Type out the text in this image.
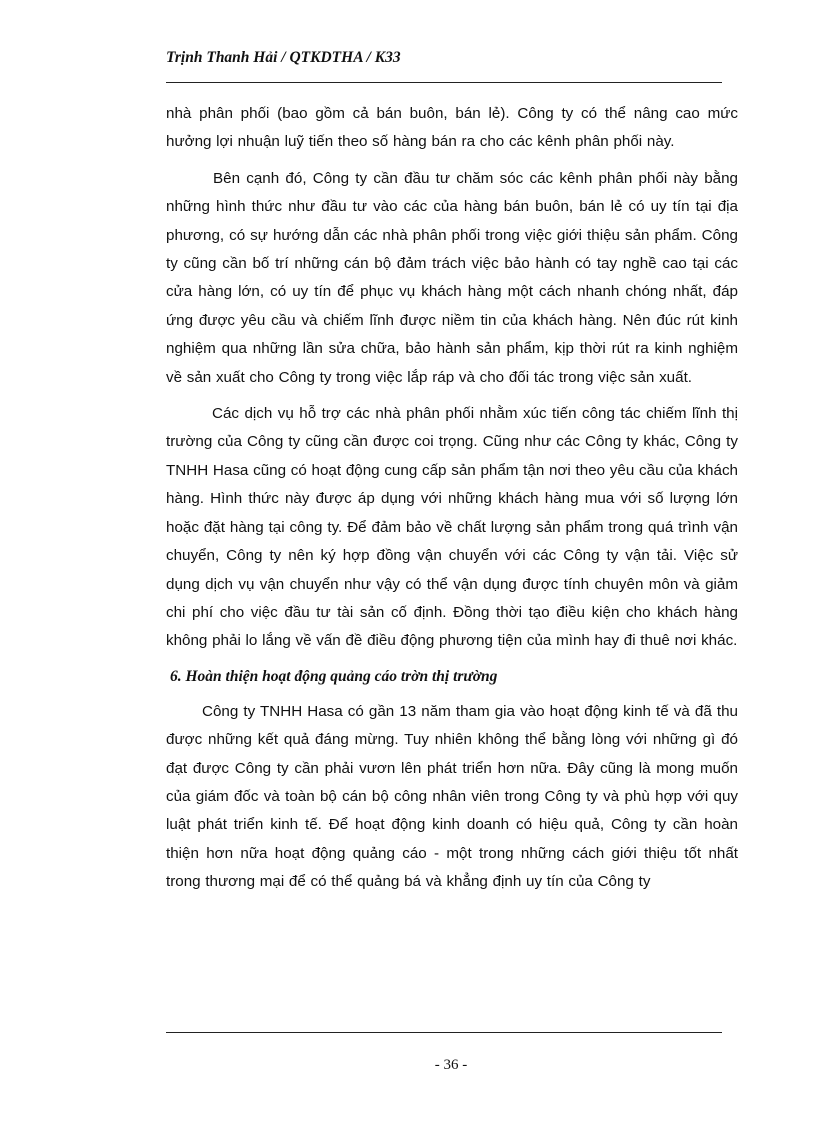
Trịnh Thanh Hải / QTKDTHA / K33

nhà phân phối (bao gồm cả bán buôn, bán lẻ). Công ty có thể nâng cao mức hưởng lợi nhuận luỹ tiến theo số hàng bán ra cho các kênh phân phối này.

Bên cạnh đó, Công ty cần đầu tư chăm sóc các kênh phân phối này bằng những hình thức như đầu tư vào các của hàng bán buôn, bán lẻ có uy tín tại địa phương, có sự hướng dẫn các nhà phân phối trong việc giới thiệu sản phẩm. Công ty cũng cần bố trí những cán bộ đảm trách việc bảo hành có tay nghề cao tại các cửa hàng lớn, có uy tín để phục vụ khách hàng một cách nhanh chóng nhất, đáp ứng được yêu cầu và chiếm lĩnh được niềm tin của khách hàng. Nên đúc rút kinh nghiệm qua những lần sửa chữa, bảo hành sản phẩm, kịp thời rút ra kinh nghiệm về sản xuất cho Công ty trong việc lắp ráp và cho đối tác trong việc sản xuất.

Các dịch vụ hỗ trợ các nhà phân phối nhằm xúc tiến công tác chiếm lĩnh thị trường của Công ty cũng cần được coi trọng. Cũng như các Công ty khác, Công ty TNHH Hasa cũng có hoạt động cung cấp sản phẩm tận nơi theo yêu cầu của khách hàng. Hình thức này được áp dụng với những khách hàng mua với số lượng lớn hoặc đặt hàng tại công ty. Để đảm bảo về chất lượng sản phẩm trong quá trình vận chuyển, Công ty nên ký hợp đồng vận chuyển với các Công ty vận tải. Việc sử dụng dịch vụ vận chuyển như vậy có thể vận dụng được tính chuyên môn và giảm chi phí cho việc đầu tư tài sản cố định. Đồng thời tạo điều kiện cho khách hàng không phải lo lắng về vấn đề điều động phương tiện của mình hay đi thuê nơi khác.

6. Hoàn thiện hoạt động quảng cáo trờn thị trường

Công ty TNHH Hasa có gần 13 năm tham gia vào hoạt động kinh tế và đã thu được những kết quả đáng mừng. Tuy nhiên không thể bằng lòng với những gì đó đạt được Công ty cần phải vươn lên phát triển hơn nữa. Đây cũng là mong muốn của giám đốc và toàn bộ cán bộ công nhân viên trong Công ty và phù hợp với quy luật phát triển kinh tế. Để hoạt động kinh doanh có hiệu quả, Công ty cần hoàn thiện hơn nữa hoạt động quảng cáo - một trong những cách giới thiệu tốt nhất trong thương mại để có thể quảng bá và khẳng định uy tín của Công ty

- 36 -
